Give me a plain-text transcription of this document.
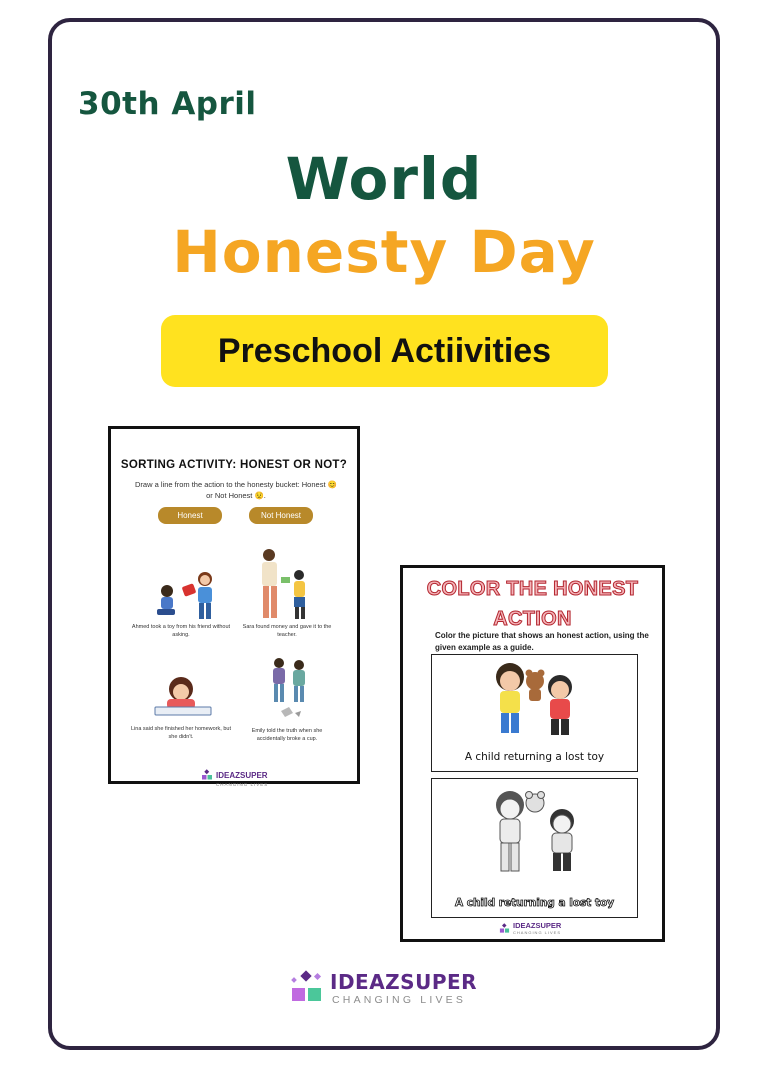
30th April
World
Honesty Day
Preschool Actiivities
SORTING ACTIVITY: HONEST OR NOT?
Draw a line from the action to the honesty bucket: Honest 😊 or Not Honest 😟.
Honest	Not Honest
Ahmed took a toy from his friend without asking.
Sara found money and gave it to the teacher.
Lina said she finished her homework, but she didn't.
Emily told the truth when she accidentally broke a cup.
IDEAZSUPER
CHANGING LIVES
COLOR THE HONEST
ACTION
Color the picture that shows an honest action, using the given example as a guide.
A child returning a lost toy
A child returning a lost toy
IDEAZSUPER
CHANGING LIVES
IDEAZSUPER
CHANGING LIVES
